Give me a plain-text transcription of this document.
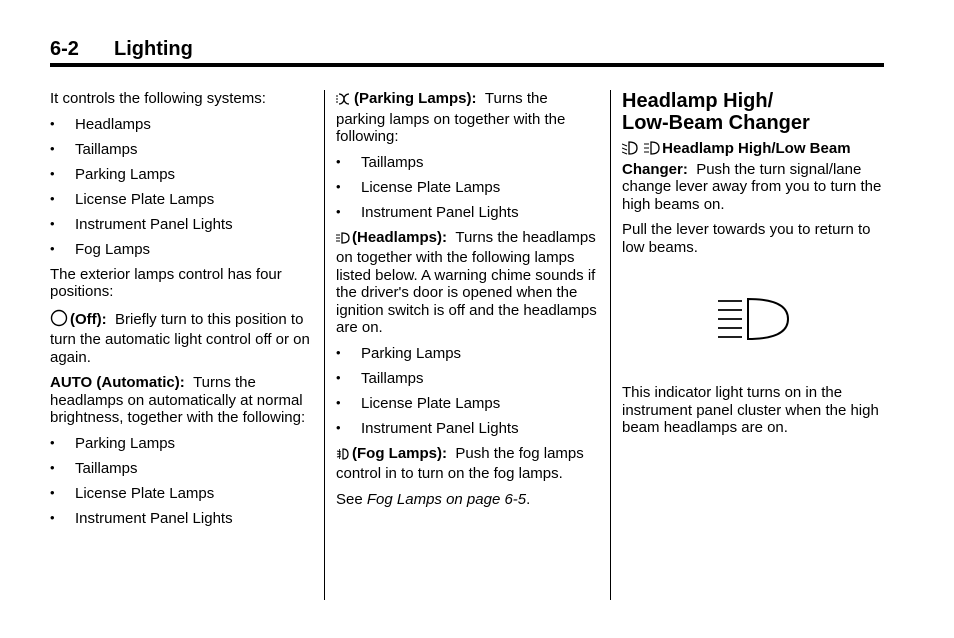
6-2 Lighting

It controls the following systems:

• Headlamps
• Taillamps
• Parking Lamps
• License Plate Lamps
• Instrument Panel Lights
• Fog Lamps

The exterior lamps control has four positions:

(Off): Briefly turn to this position to turn the automatic light control off or on again.

AUTO (Automatic): Turns the headlamps on automatically at normal brightness, together with the following:

• Parking Lamps
• Taillamps
• License Plate Lamps
• Instrument Panel Lights

(Parking Lamps): Turns the parking lamps on together with the following:

• Taillamps
• License Plate Lamps
• Instrument Panel Lights

(Headlamps): Turns the headlamps on together with the following lamps listed below. A warning chime sounds if the driver's door is opened when the ignition switch is off and the headlamps are on.

• Parking Lamps
• Taillamps
• License Plate Lamps
• Instrument Panel Lights

(Fog Lamps): Push the fog lamps control in to turn on the fog lamps.

See Fog Lamps on page 6-5.

Headlamp High/
Low-Beam Changer

Headlamp High/Low Beam Changer: Push the turn signal/lane change lever away from you to turn the high beams on.

Pull the lever towards you to return to low beams.

This indicator light turns on in the instrument panel cluster when the high beam headlamps are on.
